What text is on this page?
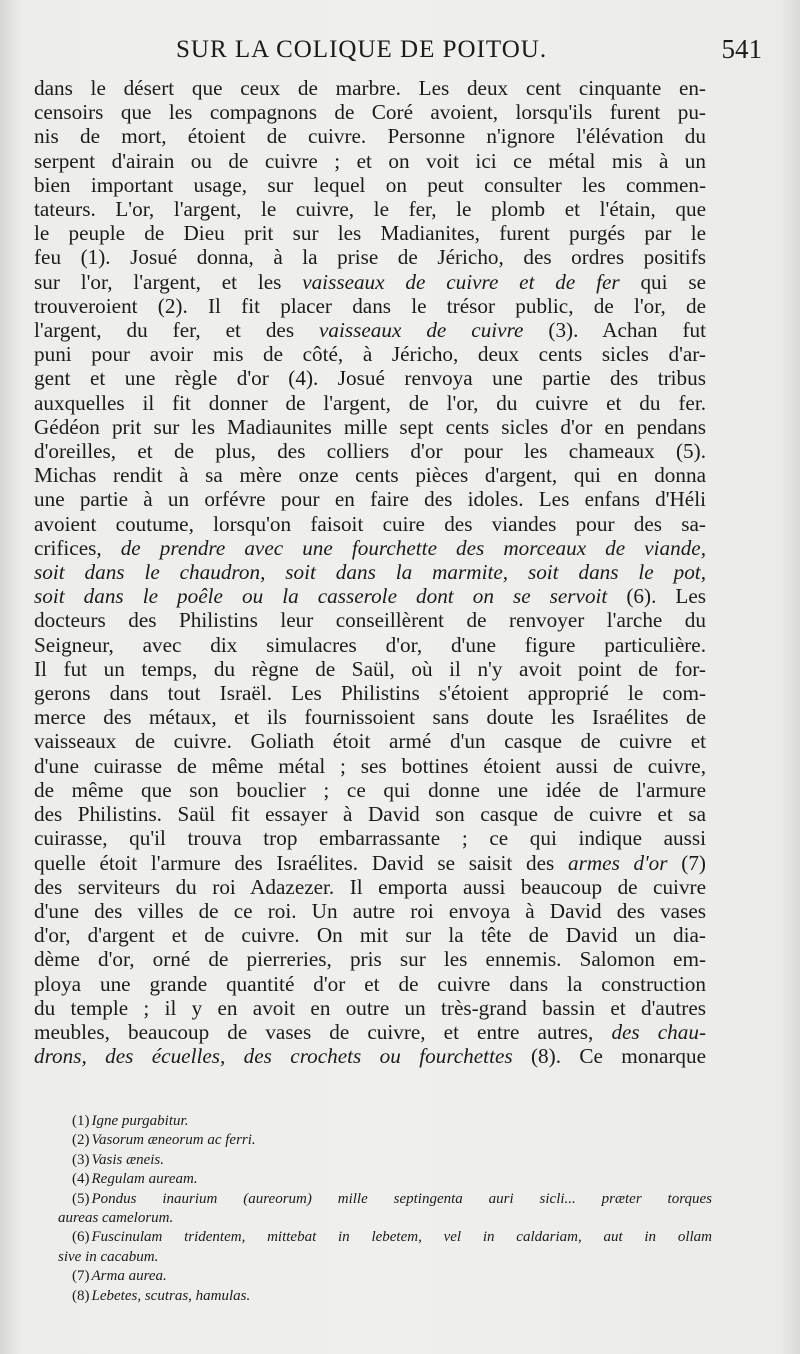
SUR LA COLIQUE DE POITOU.	541
dans le désert que ceux de marbre. Les deux cent cinquante en-
censoirs que les compagnons de Coré avoient, lorsqu'ils furent pu-
nis de mort, étoient de cuivre. Personne n'ignore l'élévation du
serpent d'airain ou de cuivre ; et on voit ici ce métal mis à un
bien important usage, sur lequel on peut consulter les commen-
tateurs. L'or, l'argent, le cuivre, le fer, le plomb et l'étain, que
le peuple de Dieu prit sur les Madianites, furent purgés par le
feu (1). Josué donna, à la prise de Jéricho, des ordres positifs
sur l'or, l'argent, et les vaisseaux de cuivre et de fer qui se
trouveroient (2). Il fit placer dans le trésor public, de l'or, de
l'argent, du fer, et des vaisseaux de cuivre (3). Achan fut
puni pour avoir mis de côté, à Jéricho, deux cents sicles d'ar-
gent et une règle d'or (4). Josué renvoya une partie des tribus
auxquelles il fit donner de l'argent, de l'or, du cuivre et du fer.
Gédéon prit sur les Madiaunites mille sept cents sicles d'or en pendans
d'oreilles, et de plus, des colliers d'or pour les chameaux (5).
Michas rendit à sa mère onze cents pièces d'argent, qui en donna
une partie à un orfévre pour en faire des idoles. Les enfans d'Héli
avoient coutume, lorsqu'on faisoit cuire des viandes pour des sa-
crifices, de prendre avec une fourchette des morceaux de viande,
soit dans le chaudron, soit dans la marmite, soit dans le pot,
soit dans le poêle ou la casserole dont on se servoit (6). Les
docteurs des Philistins leur conseillèrent de renvoyer l'arche du
Seigneur, avec dix simulacres d'or, d'une figure particulière.
Il fut un temps, du règne de Saül, où il n'y avoit point de for-
gerons dans tout Israël. Les Philistins s'étoient approprié le com-
merce des métaux, et ils fournissoient sans doute les Israélites de
vaisseaux de cuivre. Goliath étoit armé d'un casque de cuivre et
d'une cuirasse de même métal ; ses bottines étoient aussi de cuivre,
de même que son bouclier ; ce qui donne une idée de l'armure
des Philistins. Saül fit essayer à David son casque de cuivre et sa
cuirasse, qu'il trouva trop embarrassante ; ce qui indique aussi
quelle étoit l'armure des Israélites. David se saisit des armes d'or (7)
des serviteurs du roi Adazezer. Il emporta aussi beaucoup de cuivre
d'une des villes de ce roi. Un autre roi envoya à David des vases
d'or, d'argent et de cuivre. On mit sur la tête de David un dia-
dème d'or, orné de pierreries, pris sur les ennemis. Salomon em-
ploya une grande quantité d'or et de cuivre dans la construction
du temple ; il y en avoit en outre un très-grand bassin et d'autres
meubles, beaucoup de vases de cuivre, et entre autres, des chau-
drons, des écuelles, des crochets ou fourchettes (8). Ce monarque
(1) Igne purgabitur.
(2) Vasorum æneorum ac ferri.
(3) Vasis æneis.
(4) Regulam auream.
(5) Pondus inaurium (aureorum) mille septingenta auri sicli... præter torques
aureas camelorum.
(6) Fuscinulam tridentem, mittebat in lebetem, vel in caldariam, aut in ollam
sive in cacabum.
(7) Arma aurea.
(8) Lebetes, scutras, hamulas.
